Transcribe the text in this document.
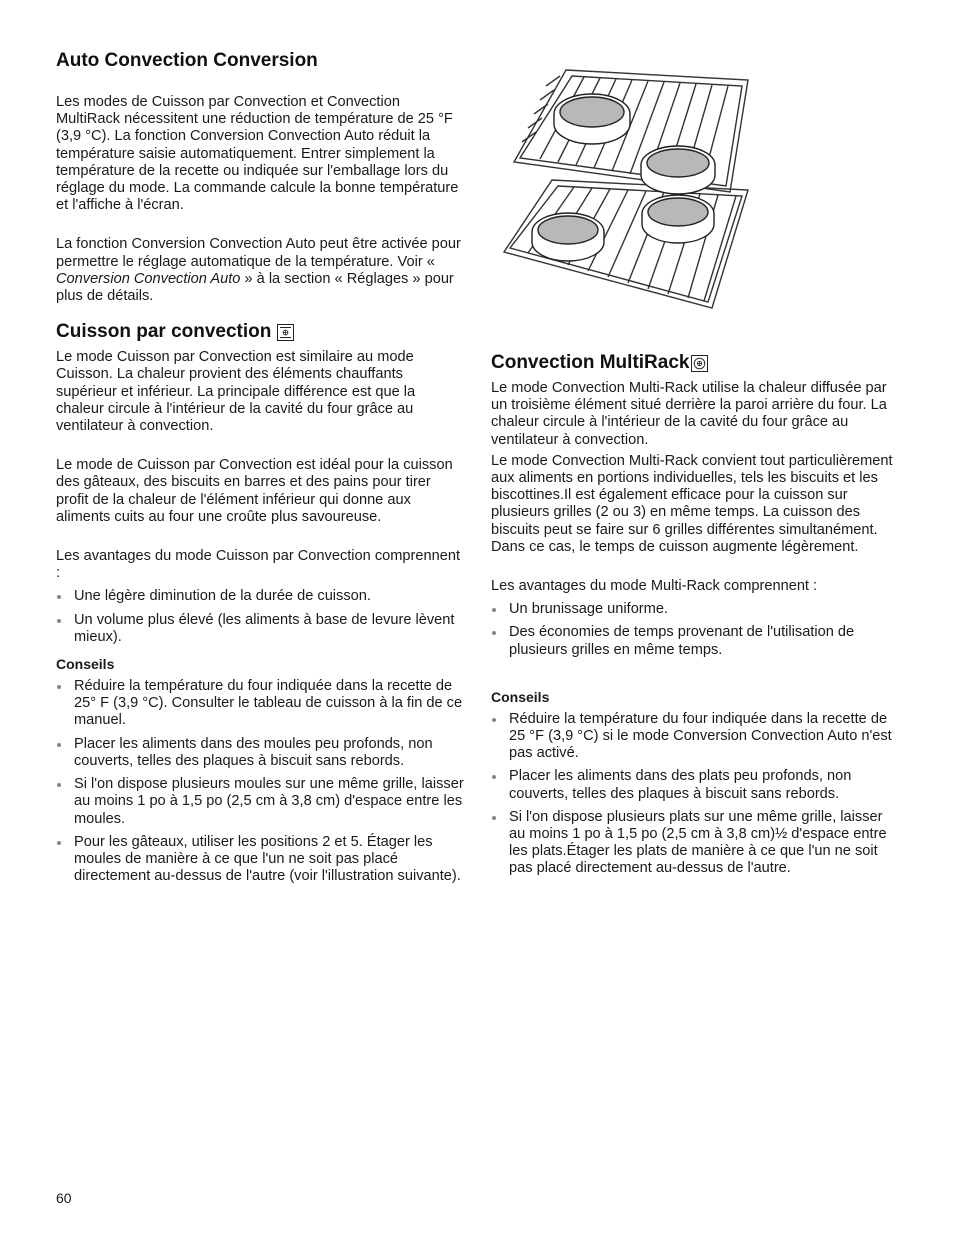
Auto Convection Conversion

Les modes de Cuisson par Convection et Convection MultiRack nécessitent une réduction de température de 25 °F (3,9 °C). La fonction Conversion Convection Auto réduit la température saisie automatiquement. Entrer simplement la température de la recette ou indiquée sur l'emballage lors du réglage du mode. La commande calcule la bonne température et l'affiche à l'écran.

La fonction Conversion Convection Auto peut être activée pour permettre le réglage automatique de la température. Voir « Conversion Convection Auto » à la section « Réglages » pour plus de détails.

Cuisson par convection

Le mode Cuisson par Convection est similaire au mode Cuisson. La chaleur provient des éléments chauffants supérieur et inférieur. La principale différence est que la chaleur circule à l'intérieur de la cavité du four grâce au ventilateur à convection.

Le mode de Cuisson par Convection est idéal pour la cuisson des gâteaux, des biscuits en barres et des pains pour tirer profit de la chaleur de l'élément inférieur qui donne aux aliments cuits au four une croûte plus savoureuse.

Les avantages du mode Cuisson par Convection comprennent :

Une légère diminution de la durée de cuisson.
Un volume plus élevé (les aliments à base de levure lèvent mieux).
Conseils
Réduire la température du four indiquée dans la recette de 25° F (3,9 °C). Consulter le tableau de cuisson à la fin de ce manuel.
Placer les aliments dans des moules peu profonds, non couverts, telles des plaques à biscuit sans rebords.
Si l'on dispose plusieurs moules sur une même grille, laisser au moins 1 po à 1,5 po (2,5 cm à 3,8 cm) d'espace entre les moules.
Pour les gâteaux, utiliser les positions 2 et 5. Étager les moules de manière à ce que l'un ne soit pas placé directement au-dessus de l'autre (voir l'illustration suivante).
Convection MultiRack

Le mode Convection Multi-Rack utilise la chaleur diffusée par un troisième élément situé derrière la paroi arrière du four. La chaleur circule à l'intérieur de la cavité du four grâce au ventilateur à convection.

Le mode Convection Multi-Rack convient tout particulièrement aux aliments en portions individuelles, tels les biscuits et les biscottines.Il est également efficace pour la cuisson sur plusieurs grilles (2 ou 3) en même temps. La cuisson des biscuits peut se faire sur 6 grilles différentes simultanément. Dans ce cas, le temps de cuisson augmente légèrement.

Les avantages du mode Multi-Rack comprennent :

Un brunissage uniforme.
Des économies de temps provenant de l'utilisation de plusieurs grilles en même temps.
Conseils
Réduire la température du four indiquée dans la recette de 25 °F (3,9 °C) si le mode Conversion Convection Auto n'est pas activé.
Placer les aliments dans des plats peu profonds, non couverts, telles des plaques à biscuit sans rebords.
Si l'on dispose plusieurs plats sur une même grille, laisser au moins 1 po à 1,5 po (2,5 cm à 3,8 cm)½ d'espace entre les plats.Étager les plats de manière à ce que l'un ne soit pas placé directement au-dessus de l'autre.
60
